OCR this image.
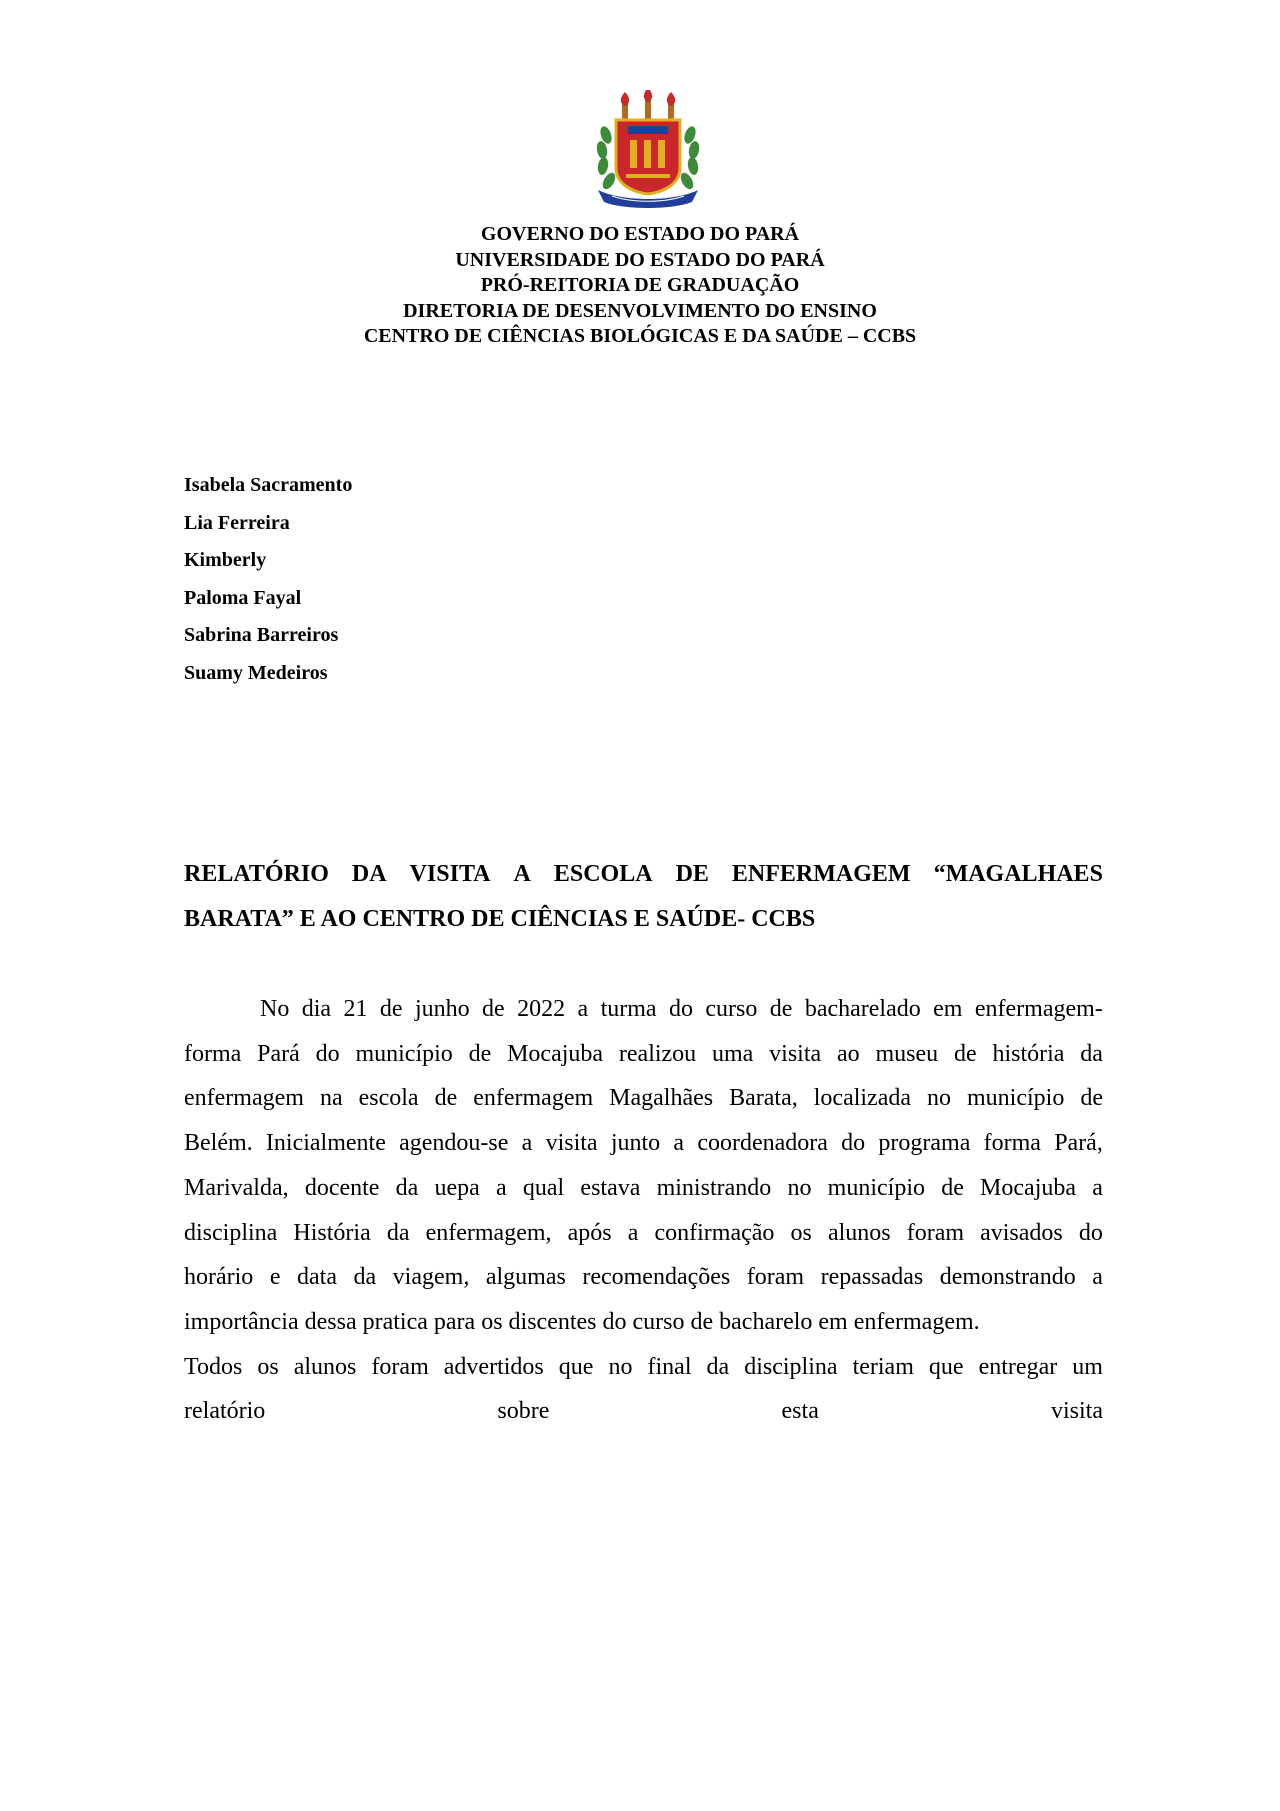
GOVERNO DO ESTADO DO PARÁ
UNIVERSIDADE DO ESTADO DO PARÁ
PRÓ-REITORIA DE GRADUAÇÃO
DIRETORIA DE DESENVOLVIMENTO DO ENSINO
CENTRO DE CIÊNCIAS BIOLÓGICAS E DA SAÚDE – CCBS
Isabela Sacramento
Lia Ferreira
Kimberly
Paloma Fayal
Sabrina Barreiros
Suamy Medeiros
RELATÓRIO DA VISITA A ESCOLA DE ENFERMAGEM “MAGALHAES
BARATA” E AO CENTRO DE CIÊNCIAS E SAÚDE- CCBS
No dia 21 de junho de 2022 a turma do curso de bacharelado em enfermagem-
forma Pará do município de Mocajuba realizou uma visita ao museu de história da
enfermagem na escola de enfermagem Magalhães Barata, localizada no município de
Belém. Inicialmente agendou-se a visita junto a coordenadora do programa forma Pará,
Marivalda, docente da uepa a qual estava ministrando no município de Mocajuba a
disciplina História da enfermagem, após a confirmação os alunos foram avisados do
horário e data da viagem, algumas recomendações foram repassadas demonstrando a
importância dessa pratica para os discentes do curso de bacharelo em enfermagem.
Todos os alunos foram advertidos que no final da disciplina teriam que entregar um
relatório	sobre	esta	visita
